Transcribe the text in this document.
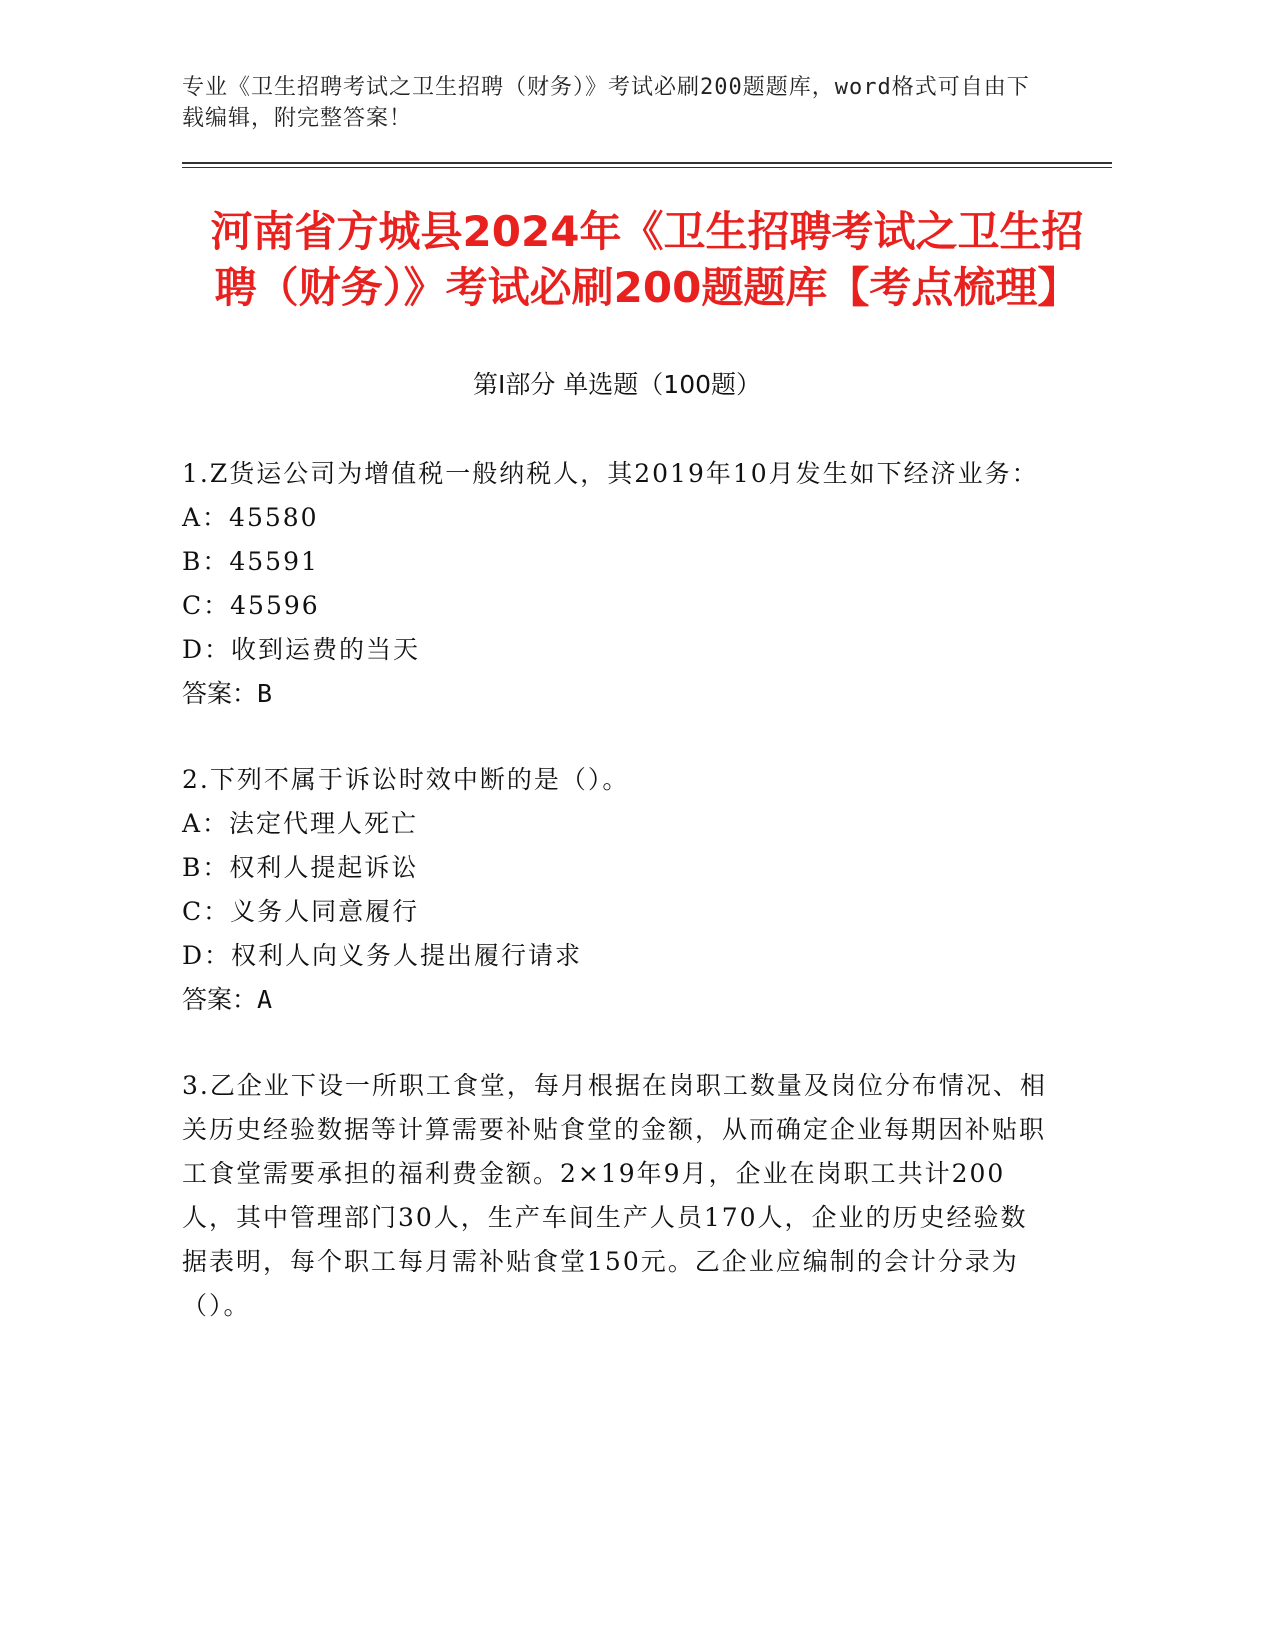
专业《卫生招聘考试之卫生招聘（财务）》考试必刷200题题库，word格式可自由下载编辑，附完整答案！
河南省方城县2024年《卫生招聘考试之卫生招聘（财务）》考试必刷200题题库【考点梳理】
第I部分 单选题（100题）
1.Z货运公司为增值税一般纳税人，其2019年10月发生如下经济业务：
A：45580
B：45591
C：45596
D：收到运费的当天
答案：B
2.下列不属于诉讼时效中断的是（）。
A：法定代理人死亡
B：权利人提起诉讼
C：义务人同意履行
D：权利人向义务人提出履行请求
答案：A
3.乙企业下设一所职工食堂，每月根据在岗职工数量及岗位分布情况、相关历史经验数据等计算需要补贴食堂的金额，从而确定企业每期因补贴职工食堂需要承担的福利费金额。2×19年9月，企业在岗职工共计200人，其中管理部门30人，生产车间生产人员170人，企业的历史经验数据表明，每个职工每月需补贴食堂150元。乙企业应编制的会计分录为（）。
